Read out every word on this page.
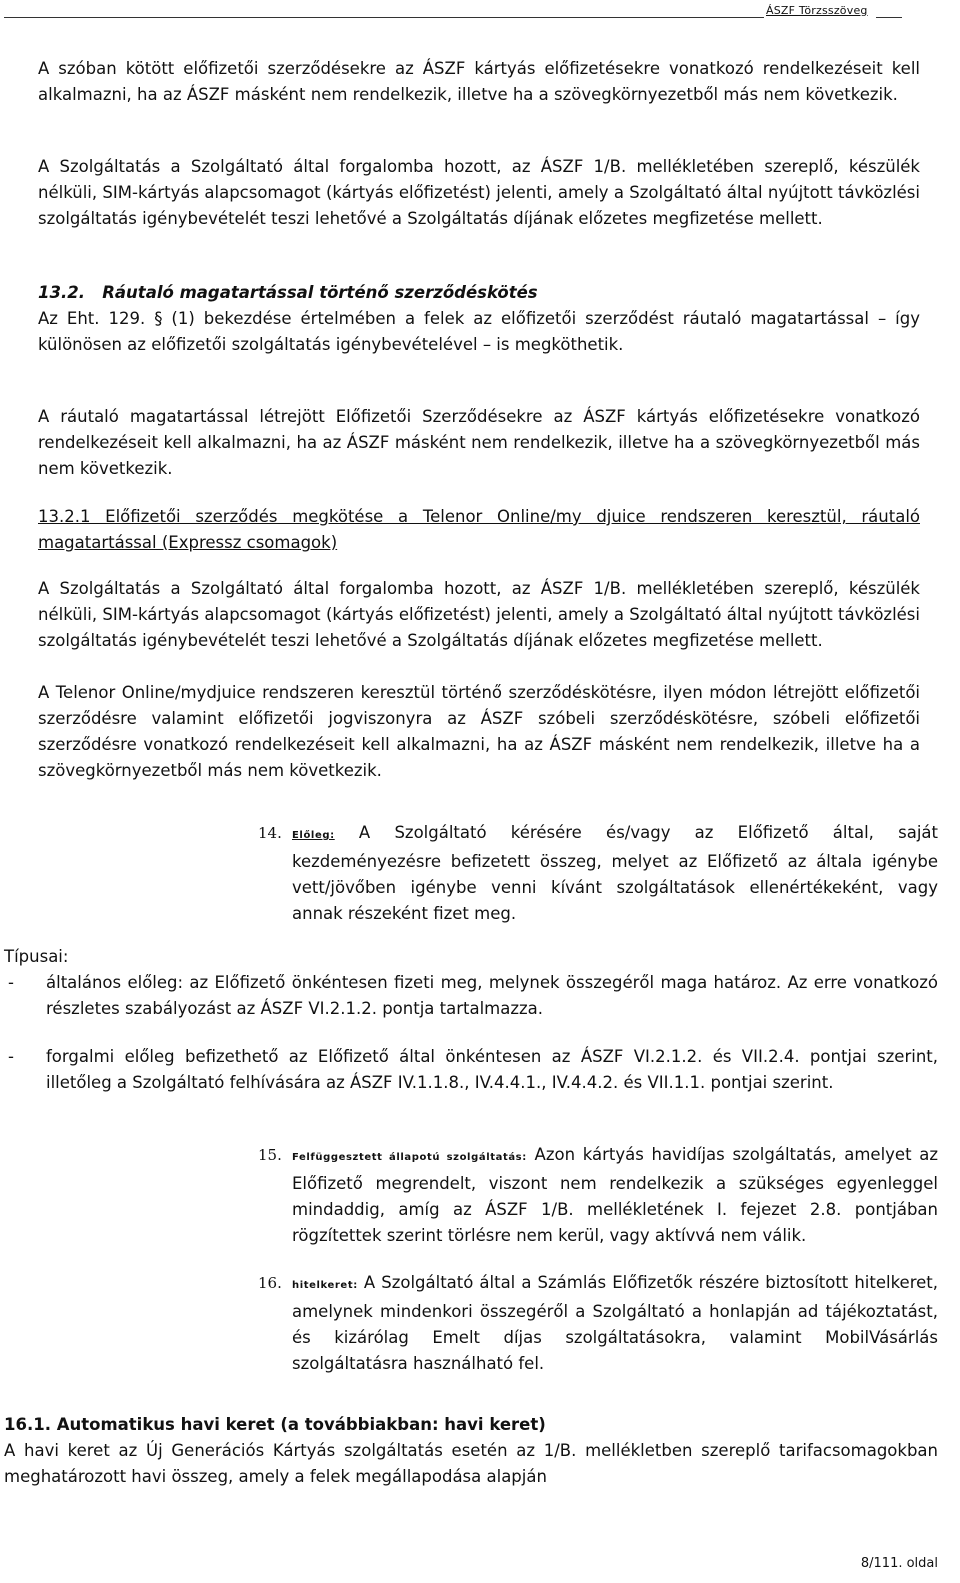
ÁSZF Törzsszöveg

A szóban kötött előfizetői szerződésekre az ÁSZF kártyás előfizetésekre vonatkozó rendelkezéseit kell alkalmazni, ha az ÁSZF másként nem rendelkezik, illetve ha a szövegkörnyezetből más nem következik.

A Szolgáltatás a Szolgáltató által forgalomba hozott, az ÁSZF 1/B. mellékletében szereplő, készülék nélküli, SIM-kártyás alapcsomagot (kártyás előfizetést) jelenti, amely a Szolgáltató által nyújtott távközlési szolgáltatás igénybevételét teszi lehetővé a Szolgáltatás díjának előzetes megfizetése mellett.

13.2. Ráutaló magatartással történő szerződéskötés

Az Eht. 129. § (1) bekezdése értelmében a felek az előfizetői szerződést ráutaló magatartással – így különösen az előfizetői szolgáltatás igénybevételével – is megköthetik.

A ráutaló magatartással létrejött Előfizetői Szerződésekre az ÁSZF kártyás előfizetésekre vonatkozó rendelkezéseit kell alkalmazni, ha az ÁSZF másként nem rendelkezik, illetve ha a szövegkörnyezetből más nem következik.

13.2.1 Előfizetői szerződés megkötése a Telenor Online/my djuice rendszeren keresztül, ráutaló magatartással (Expressz csomagok)

A Szolgáltatás a Szolgáltató által forgalomba hozott, az ÁSZF 1/B. mellékletében szereplő, készülék nélküli, SIM-kártyás alapcsomagot (kártyás előfizetést) jelenti, amely a Szolgáltató által nyújtott távközlési szolgáltatás igénybevételét teszi lehetővé a Szolgáltatás díjának előzetes megfizetése mellett.

A Telenor Online/mydjuice rendszeren keresztül történő szerződéskötésre, ilyen módon létrejött előfizetői szerződésre valamint előfizetői jogviszonyra az ÁSZF szóbeli szerződéskötésre, szóbeli előfizetői szerződésre vonatkozó rendelkezéseit kell alkalmazni, ha az ÁSZF másként nem rendelkezik, illetve ha a szövegkörnyezetből más nem következik.

14. Előleg: A Szolgáltató kérésére és/vagy az Előfizető által, saját kezdeményezésre befizetett összeg, melyet az Előfizető az általa igénybe vett/jövőben igénybe venni kívánt szolgáltatások ellenértékeként, vagy annak részeként fizet meg.

Típusai:

- általános előleg: az Előfizető önkéntesen fizeti meg, melynek összegéről maga határoz. Az erre vonatkozó részletes szabályozást az ÁSZF VI.2.1.2. pontja tartalmazza.
- forgalmi előleg befizethető az Előfizető által önkéntesen az ÁSZF VI.2.1.2. és VII.2.4. pontjai szerint, illetőleg a Szolgáltató felhívására az ÁSZF IV.1.1.8., IV.4.4.1., IV.4.4.2. és VII.1.1. pontjai szerint.
15. Felfüggesztett állapotú szolgáltatás: Azon kártyás havidíjas szolgáltatás, amelyet az Előfizető megrendelt, viszont nem rendelkezik a szükséges egyenleggel mindaddig, amíg az ÁSZF 1/B. mellékletének I. fejezet 2.8. pontjában rögzítettek szerint törlésre nem kerül, vagy aktívvá nem válik.

16. hitelkeret: A Szolgáltató által a Számlás Előfizetők részére biztosított hitelkeret, amelynek mindenkori összegéről a Szolgáltató a honlapján ad tájékoztatást, és kizárólag Emelt díjas szolgáltatásokra, valamint MobilVásárlás szolgáltatásra használható fel.

16.1. Automatikus havi keret (a továbbiakban: havi keret)

A havi keret az Új Generációs Kártyás szolgáltatás esetén az 1/B. mellékletben szereplő tarifacsomagokban meghatározott havi összeg, amely a felek megállapodása alapján

8/111. oldal
